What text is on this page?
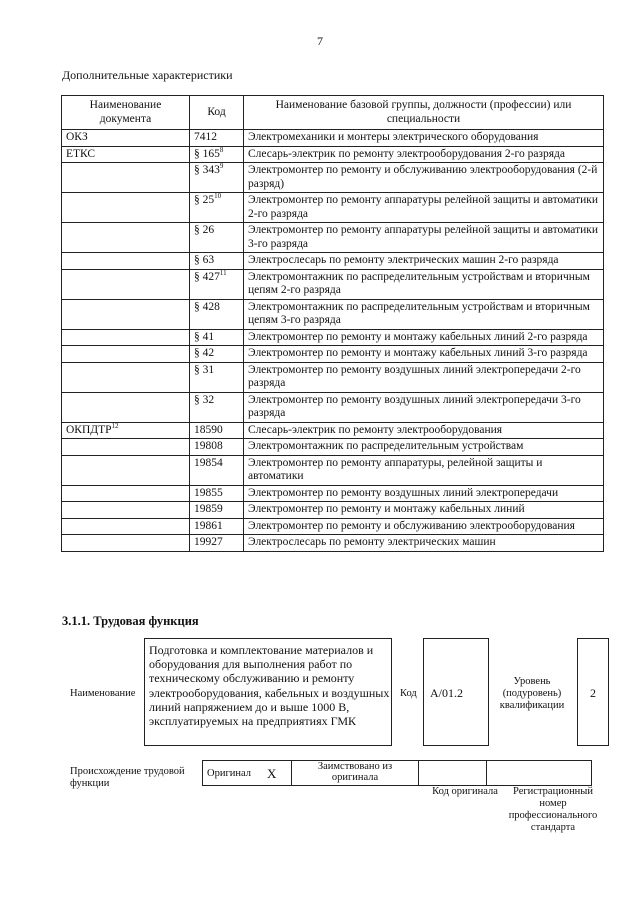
7
Дополнительные характеристики
Наименование документа	Код	Наименование базовой группы, должности (профессии) или специальности
ОКЗ	7412	Электромеханики и монтеры электрического оборудования
ЕТКС	§ $165^8$	Слесарь-электрик по ремонту электрооборудования 2-го разряда
	§ $343^9$	Электромонтер по ремонту и обслуживанию электрооборудования (2-й разряд)
	§ $25^{10}$	Электромонтер по ремонту аппаратуры релейной защиты и автоматики 2-го разряда
	§ 26	Электромонтер по ремонту аппаратуры релейной защиты и автоматики 3-го разряда
	§ 63	Электрослесарь по ремонту электрических машин 2-го разряда
	§ $427^{11}$	Электромонтажник по распределительным устройствам и вторичным цепям 2-го разряда
	§ 428	Электромонтажник по распределительным устройствам и вторичным цепям 3-го разряда
	§ 41	Электромонтер по ремонту и монтажу кабельных линий 2-го разряда
	§ 42	Электромонтер по ремонту и монтажу кабельных линий 3-го разряда
	§ 31	Электромонтер по ремонту воздушных линий электропередачи 2-го разряда
	§ 32	Электромонтер по ремонту воздушных линий электропередачи 3-го разряда
ОКПДТР$^{12}$	18590	Слесарь-электрик по ремонту электрооборудования
	19808	Электромонтажник по распределительным устройствам
	19854	Электромонтер по ремонту аппаратуры, релейной защиты и автоматики
	19855	Электромонтер по ремонту воздушных линий электропередачи
	19859	Электромонтер по ремонту и монтажу кабельных линий
	19861	Электромонтер по ремонту и обслуживанию электрооборудования
	19927	Электрослесарь по ремонту электрических машин
3.1.1. Трудовая функция
Наименование
Подготовка и комплектование материалов и оборудования для выполнения работ по техническому обслуживанию и ремонту электрооборудования, кабельных и воздушных линий напряжением до и выше 1000 В, эксплуатируемых на предприятиях ГМК
Код	А/01.2
Уровень (подуровень) квалификации
2
Происхождение трудовой функции
Оригинал	Х	Заимствовано из оригинала		
Код оригинала	Регистрационный номер профессионального стандарта
